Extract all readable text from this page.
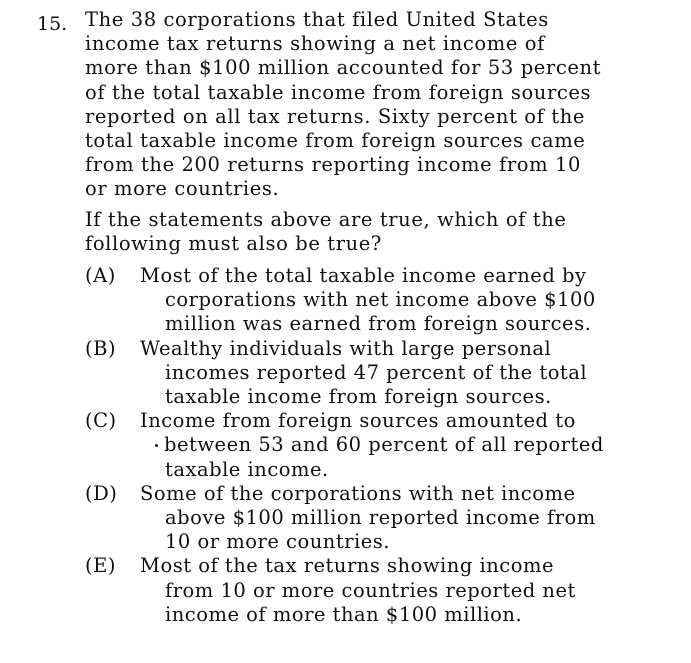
15. The 38 corporations that filed United States
income tax returns showing a net income of
more than $100 million accounted for 53 percent
of the total taxable income from foreign sources
reported on all tax returns. Sixty percent of the
total taxable income from foreign sources came
from the 200 returns reporting income from 10
or more countries.
If the statements above are true, which of the
following must also be true?
(A) Most of the total taxable income earned by
corporations with net income above $100
million was earned from foreign sources.
(B) Wealthy individuals with large personal
incomes reported 47 percent of the total
taxable income from foreign sources.
(C) Income from foreign sources amounted to
between 53 and 60 percent of all reported
taxable income.
(D) Some of the corporations with net income
above $100 million reported income from
10 or more countries.
(E) Most of the tax returns showing income
from 10 or more countries reported net
income of more than $100 million.
